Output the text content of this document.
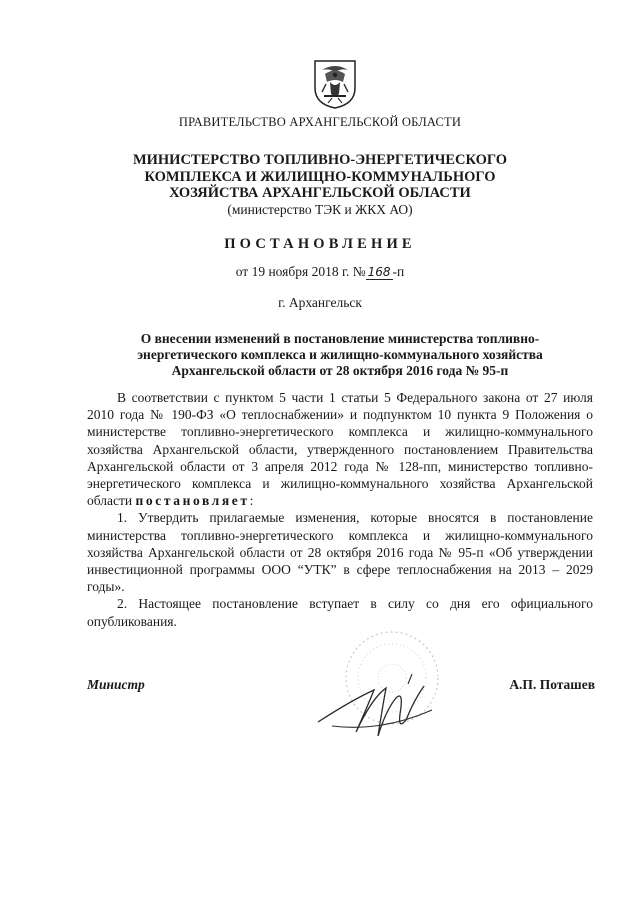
ПРАВИТЕЛЬСТВО АРХАНГЕЛЬСКОЙ ОБЛАСТИ
МИНИСТЕРСТВО ТОПЛИВНО-ЭНЕРГЕТИЧЕСКОГО
КОМПЛЕКСА И ЖИЛИЩНО-КОММУНАЛЬНОГО
ХОЗЯЙСТВА АРХАНГЕЛЬСКОЙ ОБЛАСТИ
(министерство ТЭК и ЖКХ АО)
ПОСТАНОВЛЕНИЕ
от 19 ноября 2018 г. № 168 -п
г. Архангельск
О внесении изменений в постановление министерства топливно-
энергетического комплекса и жилищно-коммунального хозяйства
Архангельской области от 28 октября 2016 года № 95-п

В соответствии с пунктом 5 части 1 статьи 5 Федерального закона от 27 июля 2010 года № 190-ФЗ «О теплоснабжении» и подпунктом 10 пункта 9 Положения о министерстве топливно-энергетического комплекса и жилищно-коммунального хозяйства Архангельской области, утвержденного постановлением Правительства Архангельской области от 3 апреля 2012 года № 128-пп, министерство топливно-энергетического комплекса и жилищно-коммунального хозяйства Архангельской области постановляет:

1. Утвердить прилагаемые изменения, которые вносятся в постановление министерства топливно-энергетического комплекса и жилищно-коммунального хозяйства Архангельской области от 28 октября 2016 года № 95-п «Об утверждении инвестиционной программы ООО “УТК” в сфере теплоснабжения на 2013 – 2029 годы».

2. Настоящее постановление вступает в силу со дня его официального опубликования.

Министр	А.П. Поташев
